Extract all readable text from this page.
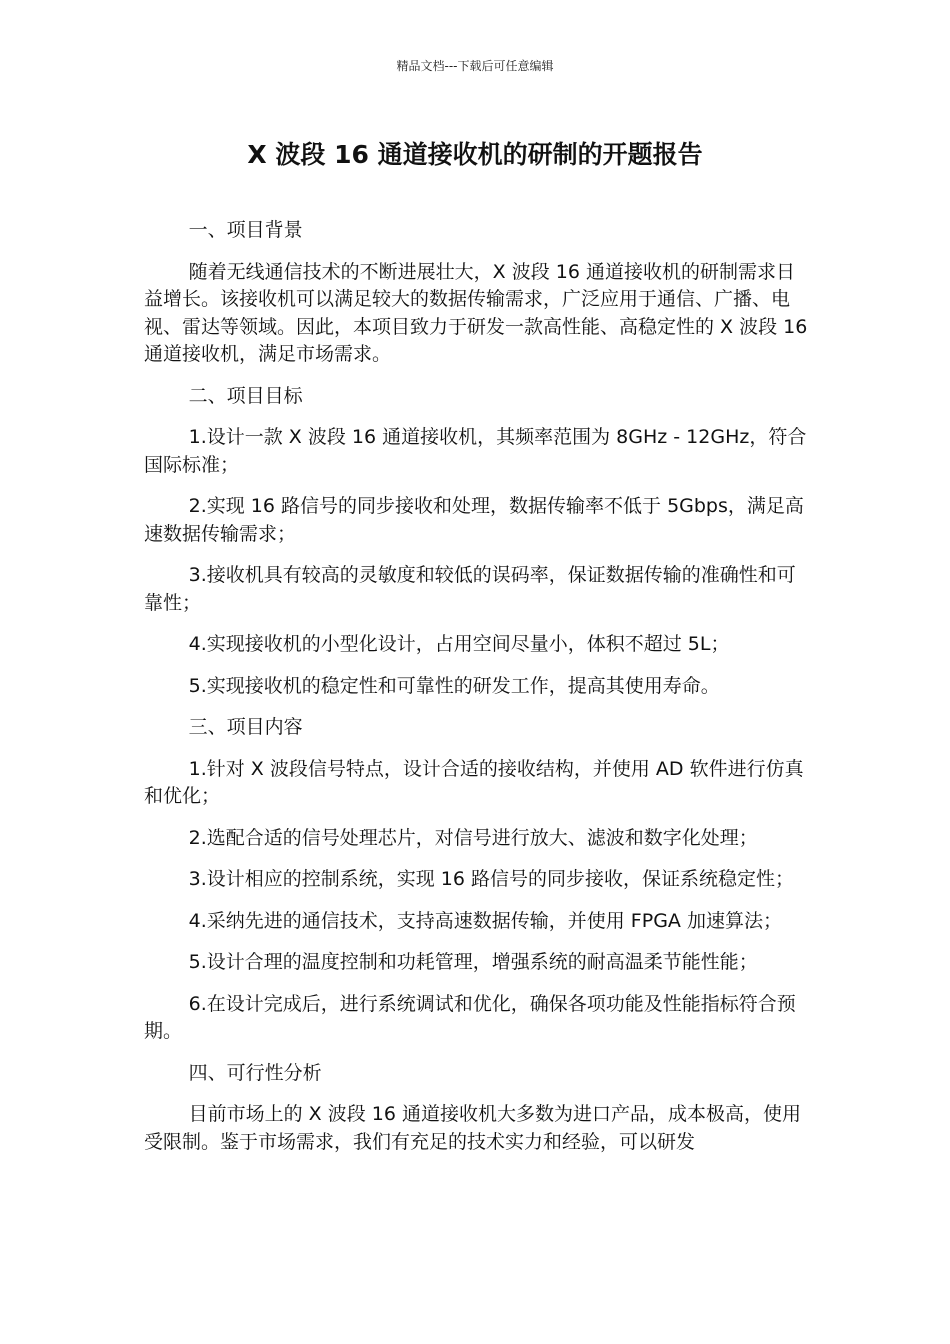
精品文档---下载后可任意编辑
X 波段 16 通道接收机的研制的开题报告

一、项目背景

随着无线通信技术的不断进展壮大，X 波段 16 通道接收机的研制需求日益增长。该接收机可以满足较大的数据传输需求，广泛应用于通信、广播、电视、雷达等领域。因此，本项目致力于研发一款高性能、高稳定性的 X 波段 16 通道接收机，满足市场需求。

二、项目目标

1.设计一款 X 波段 16 通道接收机，其频率范围为 8GHz - 12GHz，符合国际标准；

2.实现 16 路信号的同步接收和处理，数据传输率不低于 5Gbps，满足高速数据传输需求；

3.接收机具有较高的灵敏度和较低的误码率，保证数据传输的准确性和可靠性；

4.实现接收机的小型化设计，占用空间尽量小，体积不超过 5L；

5.实现接收机的稳定性和可靠性的研发工作，提高其使用寿命。

三、项目内容

1.针对 X 波段信号特点，设计合适的接收结构，并使用 AD 软件进行仿真和优化；

2.选配合适的信号处理芯片，对信号进行放大、滤波和数字化处理；

3.设计相应的控制系统，实现 16 路信号的同步接收，保证系统稳定性；

4.采纳先进的通信技术，支持高速数据传输，并使用 FPGA 加速算法；

5.设计合理的温度控制和功耗管理，增强系统的耐高温柔节能性能；

6.在设计完成后，进行系统调试和优化，确保各项功能及性能指标符合预期。

四、可行性分析

目前市场上的 X 波段 16 通道接收机大多数为进口产品，成本极高，使用受限制。鉴于市场需求，我们有充足的技术实力和经验，可以研发
